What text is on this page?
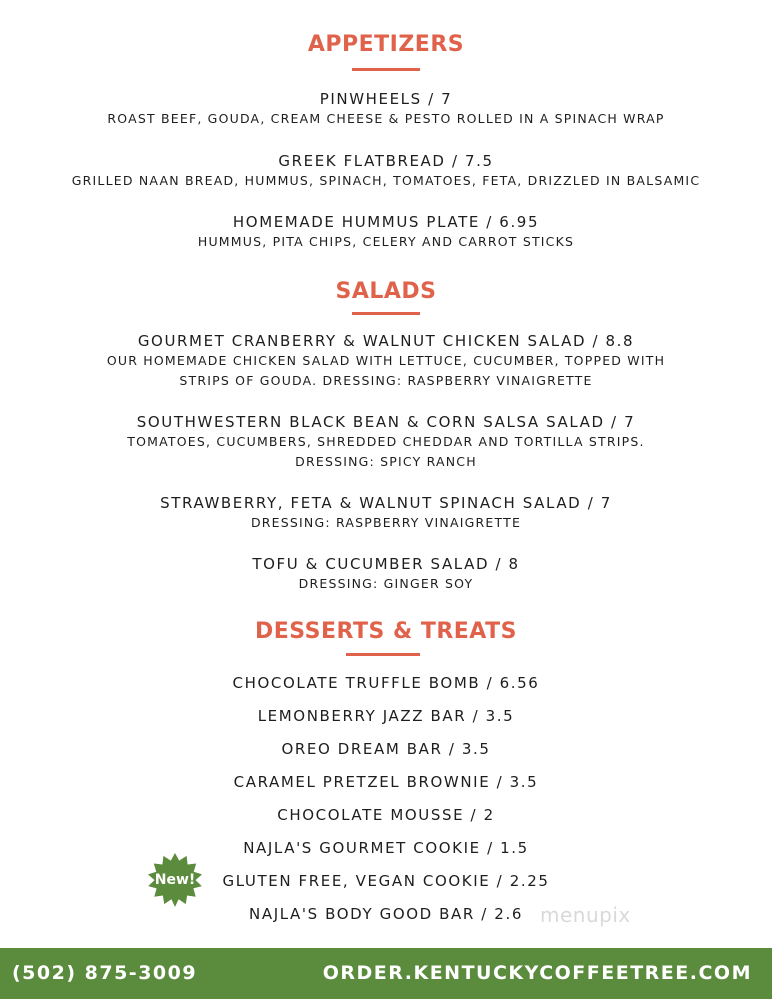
APPETIZERS
PINWHEELS / 7
ROAST BEEF, GOUDA, CREAM CHEESE & PESTO ROLLED IN A SPINACH WRAP
GREEK FLATBREAD / 7.5
GRILLED NAAN BREAD, HUMMUS, SPINACH, TOMATOES, FETA, DRIZZLED IN BALSAMIC
HOMEMADE HUMMUS PLATE / 6.95
HUMMUS, PITA CHIPS, CELERY AND CARROT STICKS
SALADS
GOURMET CRANBERRY & WALNUT CHICKEN SALAD / 8.8
OUR HOMEMADE CHICKEN SALAD WITH LETTUCE, CUCUMBER, TOPPED WITH
STRIPS OF GOUDA. DRESSING: RASPBERRY VINAIGRETTE
SOUTHWESTERN BLACK BEAN & CORN SALSA SALAD / 7
TOMATOES, CUCUMBERS, SHREDDED CHEDDAR AND TORTILLA STRIPS.
DRESSING: SPICY RANCH
STRAWBERRY, FETA & WALNUT SPINACH SALAD / 7
DRESSING: RASPBERRY VINAIGRETTE
TOFU & CUCUMBER SALAD / 8
DRESSING: GINGER SOY
DESSERTS & TREATS
CHOCOLATE TRUFFLE BOMB / 6.56
LEMONBERRY JAZZ BAR / 3.5
OREO DREAM BAR / 3.5
CARAMEL PRETZEL BROWNIE / 3.5
CHOCOLATE MOUSSE / 2
NAJLA'S GOURMET COOKIE / 1.5
GLUTEN FREE, VEGAN COOKIE / 2.25
NAJLA'S BODY GOOD BAR / 2.6
New!
menupix
(502) 875-3009	ORDER.KENTUCKYCOFFEETREE.COM
